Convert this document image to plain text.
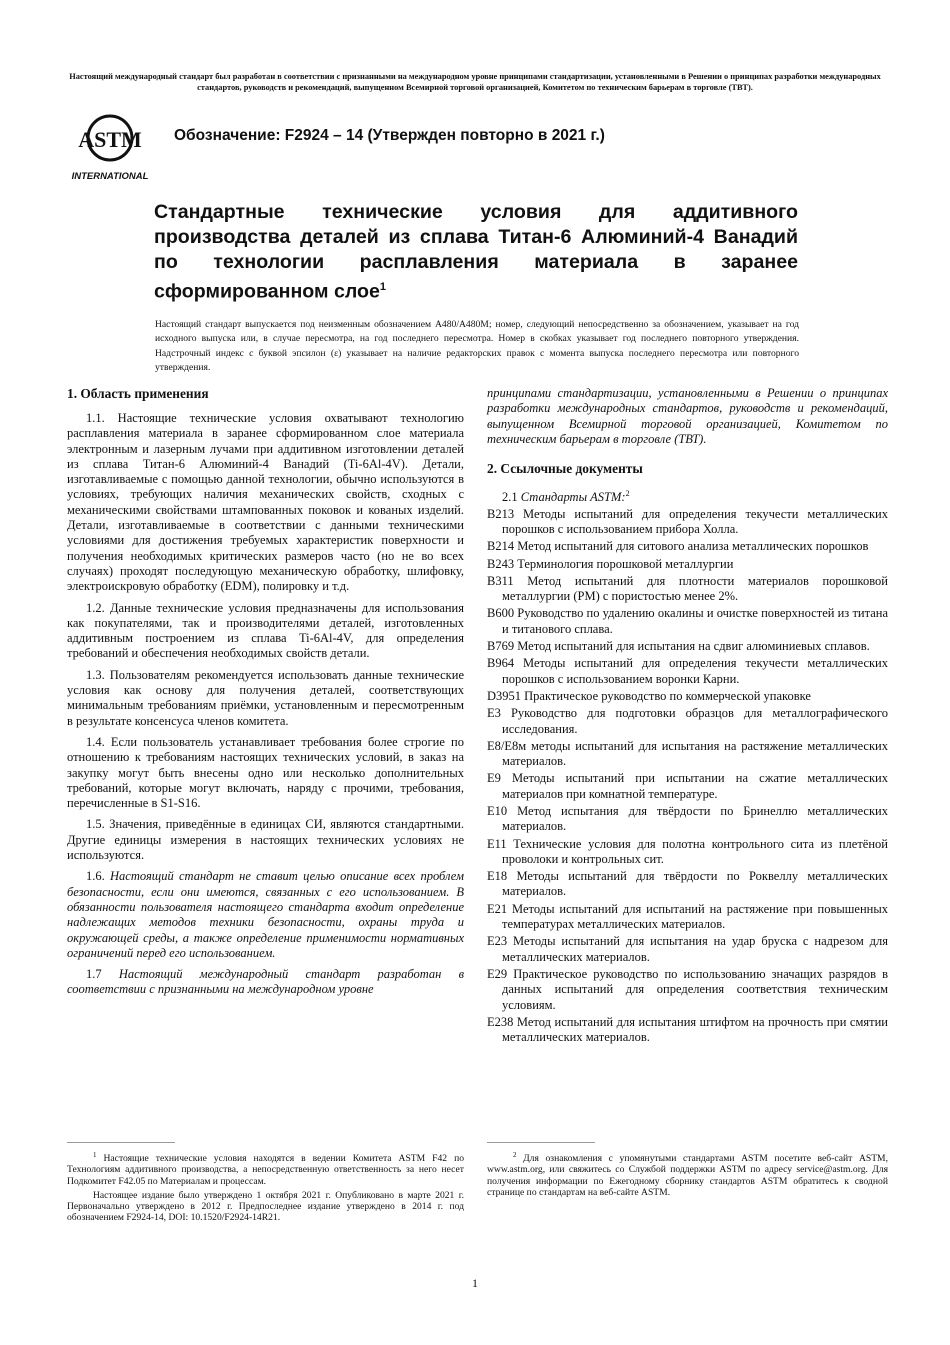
Настоящий международный стандарт был разработан в соответствии с признанными на международном уровне принципами стандартизации, установленными в Решении о принципах разработки международных стандартов, руководств и рекомендаций, выпущенном Всемирной торговой организацией, Комитетом по техническим барьерам в торговле (ТВТ).
ASTM
INTERNATIONAL
Обозначение: F2924 – 14 (Утвержден повторно в 2021 г.)
Стандартные технические условия для аддитивного производства деталей из сплава Титан-6 Алюминий-4 Ванадий по технологии расплавления материала в заранее сформированном слое$^1$
Настоящий стандарт выпускается под неизменным обозначением A480/A480M; номер, следующий непосредственно за обозначением, указывает на год исходного выпуска или, в случае пересмотра, на год последнего пересмотра. Номер в скобках указывает год последнего повторного утверждения. Надстрочный индекс с буквой эпсилон (ε) указывает на наличие редакторских правок с момента выпуска последнего пересмотра или повторного утверждения.
1. Область применения

1.1. Настоящие технические условия охватывают технологию расплавления материала в заранее сформированном слое материала электронным и лазерным лучами при аддитивном изготовлении деталей из сплава Титан-6 Алюминий-4 Ванадий (Ti-6Al-4V). Детали, изготавливаемые с помощью данной технологии, обычно используются в условиях, требующих наличия механических свойств, сходных с механическими свойствами штампованных поковок и кованых изделий. Детали, изготавливаемые в соответствии с данными техническими условиями для достижения требуемых характеристик поверхности и получения необходимых критических размеров часто (но не во всех случаях) проходят последующую механическую обработку, шлифовку, электроискровую обработку (EDM), полировку и т.д.

1.2. Данные технические условия предназначены для использования как покупателями, так и производителями деталей, изготовленных аддитивным построением из сплава Ti-6Al-4V, для определения требований и обеспечения необходимых свойств детали.

1.3. Пользователям рекомендуется использовать данные технические условия как основу для получения деталей, соответствующих минимальным требованиям приёмки, установленным и пересмотренным в результате консенсуса членов комитета.

1.4. Если пользователь устанавливает требования более строгие по отношению к требованиям настоящих технических условий, в заказ на закупку могут быть внесены одно или несколько дополнительных требований, которые могут включать, наряду с прочими, требования, перечисленные в S1-S16.

1.5. Значения, приведённые в единицах СИ, являются стандартными. Другие единицы измерения в настоящих технических условиях не используются.

1.6. Настоящий стандарт не ставит целью описание всех проблем безопасности, если они имеются, связанных с его использованием. В обязанности пользователя настоящего стандарта входит определение надлежащих методов техники безопасности, охраны труда и окружающей среды, а также определение применимости нормативных ограничений перед его использованием.

1.7 Настоящий международный стандарт разработан в соответствии с признанными на международном уровне

принципами стандартизации, установленными в Решении о принципах разработки международных стандартов, руководств и рекомендаций, выпущенном Всемирной торговой организацией, Комитетом по техническим барьерам в торговле (ТВТ).

2. Ссылочные документы

2.1 Стандарты ASTM:$^2$

B213 Методы испытаний для определения текучести металлических порошков с использованием прибора Холла.

B214 Метод испытаний для ситового анализа металлических порошков

B243 Терминология порошковой металлургии

B311 Метод испытаний для плотности материалов порошковой металлургии (PM) с пористостью менее 2%.

B600 Руководство по удалению окалины и очистке поверхностей из титана и титанового сплава.

B769 Метод испытаний для испытания на сдвиг алюминиевых сплавов.

B964 Методы испытаний для определения текучести металлических порошков с использованием воронки Карни.

D3951 Практическое руководство по коммерческой упаковке

E3 Руководство для подготовки образцов для металлографического исследования.

E8/E8м методы испытаний для испытания на растяжение металлических материалов.

E9 Методы испытаний при испытании на сжатие металлических материалов при комнатной температуре.

E10 Метод испытания для твёрдости по Бринеллю металлических материалов.

E11 Технические условия для полотна контрольного сита из плетёной проволоки и контрольных сит.

E18 Методы испытаний для твёрдости по Роквеллу металлических материалов.

E21 Методы испытаний для испытаний на растяжение при повышенных температурах металлических материалов.

E23 Методы испытаний для испытания на удар бруска с надрезом для металлических материалов.

E29 Практическое руководство по использованию значащих разрядов в данных испытаний для определения соответствия техническим условиям.

E238 Метод испытаний для испытания штифтом на прочность при смятии металлических материалов.

$^1$ Настоящие технические условия находятся в ведении Комитета ASTM F42 по Технологиям аддитивного производства, а непосредственную ответственность за него несет Подкомитет F42.05 по Материалам и процессам.

Настоящее издание было утверждено 1 октября 2021 г. Опубликовано в марте 2021 г. Первоначально утверждено в 2012 г. Предпоследнее издание утверждено в 2014 г. под обозначением F2924-14, DOI: 10.1520/F2924-14R21.

$^2$ Для ознакомления с упомянутыми стандартами ASTM посетите веб-сайт ASTM, www.astm.org, или свяжитесь со Службой поддержки ASTM по адресу service@astm.org. Для получения информации по Ежегодному сборнику стандартов ASTM обратитесь к сводной странице по стандартам на веб-сайте ASTM.

1
